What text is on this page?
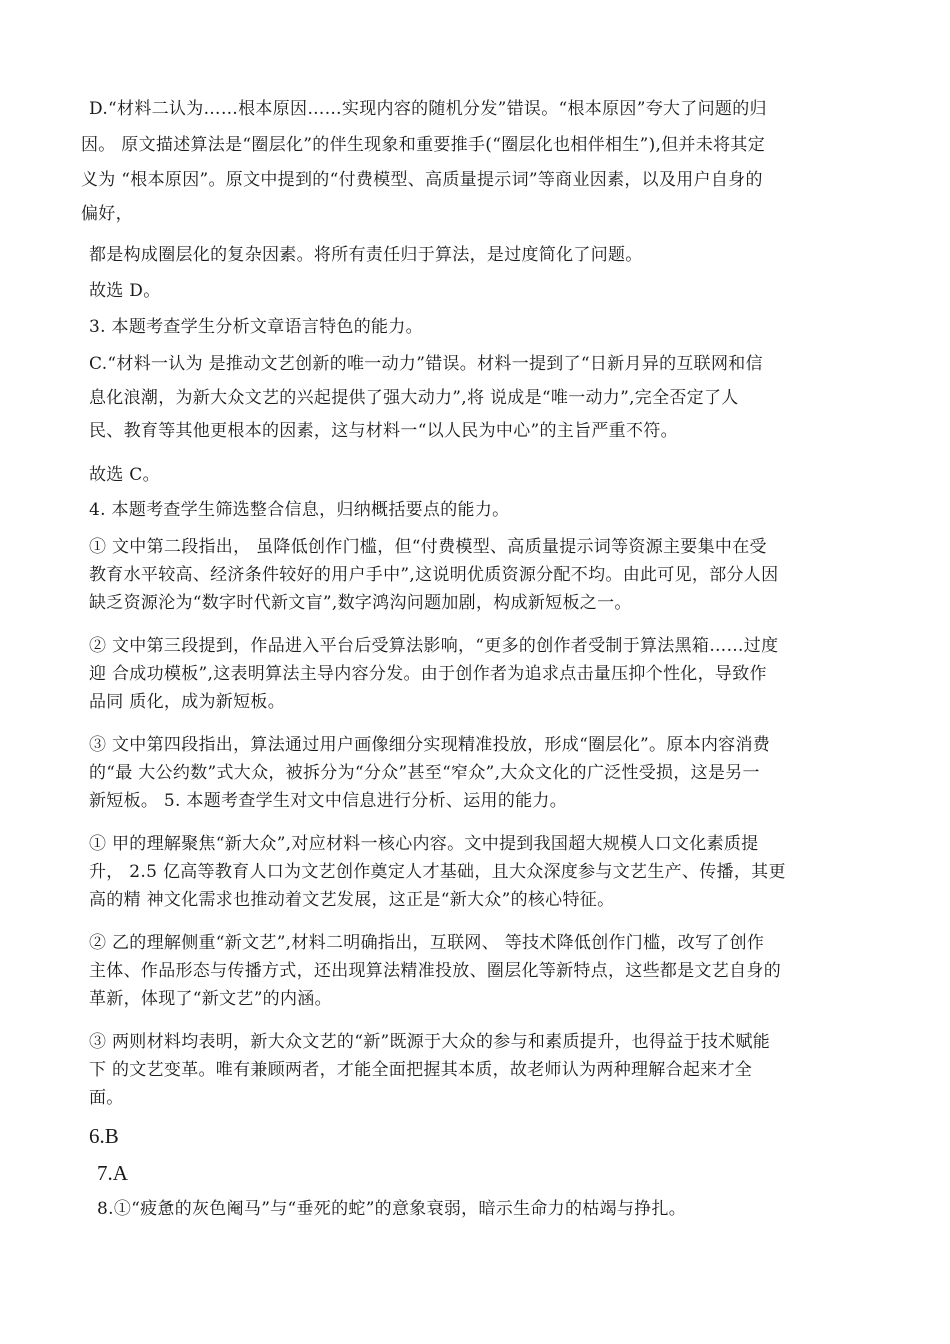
D.“材料二认为……根本原因……实现内容的随机分发”错误。“根本原因”夸大了问题的归
因。 原文描述算法是“圈层化”的伴生现象和重要推手(“圈层化也相伴相生”),但并未将其定
义为 “根本原因”。原文中提到的“付费模型、高质量提示词”等商业因素，以及用户自身的
偏好，
都是构成圈层化的复杂因素。将所有责任归于算法，是过度简化了问题。
故选 D。
3. 本题考查学生分析文章语言特色的能力。
C.“材料一认为 是推动文艺创新的唯一动力”错误。材料一提到了“日新月异的互联网和信
息化浪潮，为新大众文艺的兴起提供了强大动力”,将 说成是“唯一动力”,完全否定了人
民、教育等其他更根本的因素，这与材料一“以人民为中心”的主旨严重不符。
故选 C。
4. 本题考查学生筛选整合信息，归纳概括要点的能力。
① 文中第二段指出， 虽降低创作门槛，但“付费模型、高质量提示词等资源主要集中在受
教育水平较高、经济条件较好的用户手中”,这说明优质资源分配不均。由此可见，部分人因
缺乏资源沦为“数字时代新文盲”,数字鸿沟问题加剧，构成新短板之一。
② 文中第三段提到，作品进入平台后受算法影响，“更多的创作者受制于算法黑箱……过度
迎 合成功模板”,这表明算法主导内容分发。由于创作者为追求点击量压抑个性化，导致作
品同 质化，成为新短板。
③ 文中第四段指出，算法通过用户画像细分实现精准投放，形成“圈层化”。原本内容消费
的“最 大公约数”式大众，被拆分为“分众”甚至“窄众”,大众文化的广泛性受损，这是另一
新短板。 5. 本题考查学生对文中信息进行分析、运用的能力。
① 甲的理解聚焦“新大众”,对应材料一核心内容。文中提到我国超大规模人口文化素质提
升， 2.5 亿高等教育人口为文艺创作奠定人才基础，且大众深度参与文艺生产、传播，其更
高的精 神文化需求也推动着文艺发展，这正是“新大众”的核心特征。
② 乙的理解侧重“新文艺”,材料二明确指出，互联网、 等技术降低创作门槛，改写了创作
主体、作品形态与传播方式，还出现算法精准投放、圈层化等新特点，这些都是文艺自身的
革新，体现了“新文艺”的内涵。
③ 两则材料均表明，新大众文艺的“新”既源于大众的参与和素质提升，也得益于技术赋能
下 的文艺变革。唯有兼顾两者，才能全面把握其本质，故老师认为两种理解合起来才全
面。
6.B
7.A
8.①“疲惫的灰色阉马”与“垂死的蛇”的意象衰弱，暗示生命力的枯竭与挣扎。
